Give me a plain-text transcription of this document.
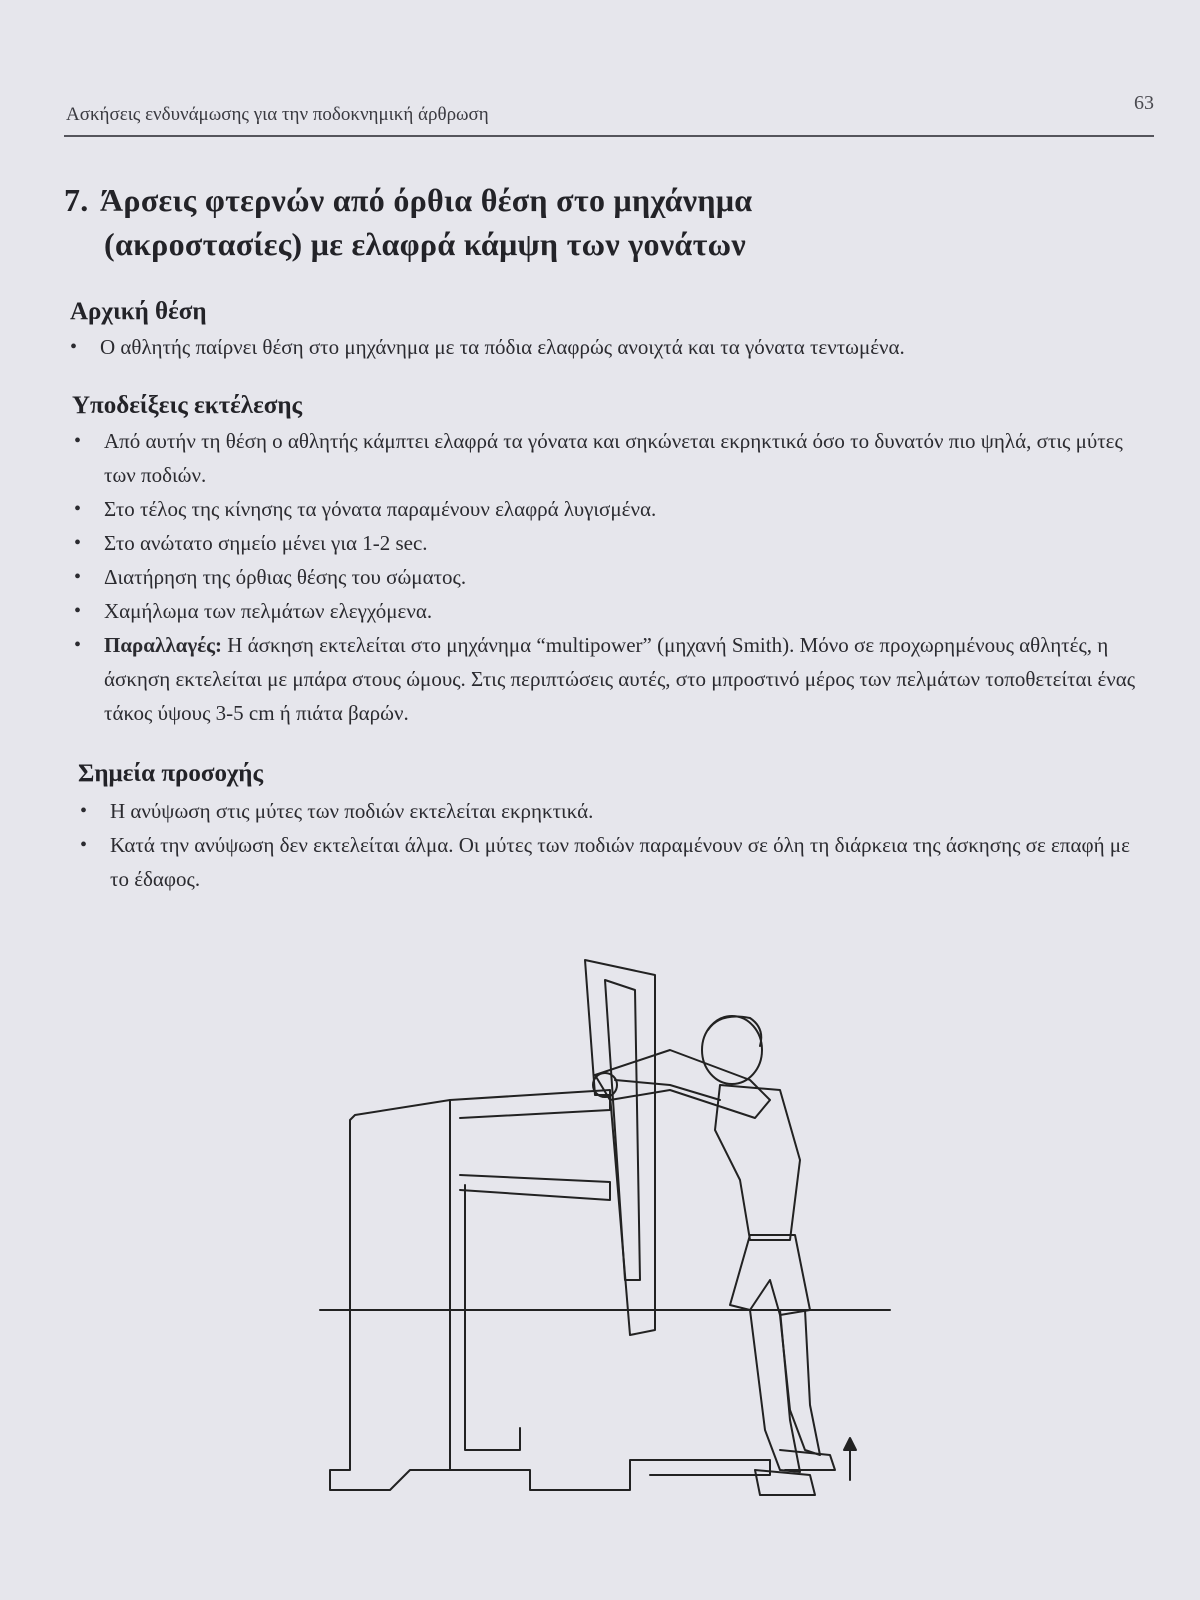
Ασκήσεις ενδυνάμωσης για την ποδοκνημική άρθρωση
63
7. Άρσεις φτερνών από όρθια θέση στο μηχάνημα
(ακροστασίες) με ελαφρά κάμψη των γονάτων
Αρχική θέση
•	Ο αθλητής παίρνει θέση στο μηχάνημα με τα πόδια ελαφρώς ανοιχτά και τα γόνατα τεντωμένα.
Υποδείξεις εκτέλεσης
•	Από αυτήν τη θέση ο αθλητής κάμπτει ελαφρά τα γόνατα και σηκώνεται εκρηκτικά όσο το δυνατόν πιο ψηλά, στις μύτες των ποδιών.
•	Στο τέλος της κίνησης τα γόνατα παραμένουν ελαφρά λυγισμένα.
•	Στο ανώτατο σημείο μένει για 1-2 sec.
•	Διατήρηση της όρθιας θέσης του σώματος.
•	Χαμήλωμα των πελμάτων ελεγχόμενα.
•	Παραλλαγές: Η άσκηση εκτελείται στο μηχάνημα “multipower” (μηχανή Smith). Μόνο σε προχωρημένους αθλητές, η άσκηση εκτελείται με μπάρα στους ώμους. Στις περιπτώσεις αυτές, στο μπροστινό μέρος των πελμάτων τοποθετείται ένας τάκος ύψους 3-5 cm ή πιάτα βαρών.
Σημεία προσοχής
•	Η ανύψωση στις μύτες των ποδιών εκτελείται εκρηκτικά.
•	Κατά την ανύψωση δεν εκτελείται άλμα. Οι μύτες των ποδιών παραμένουν σε όλη τη διάρκεια της άσκησης σε επαφή με το έδαφος.
